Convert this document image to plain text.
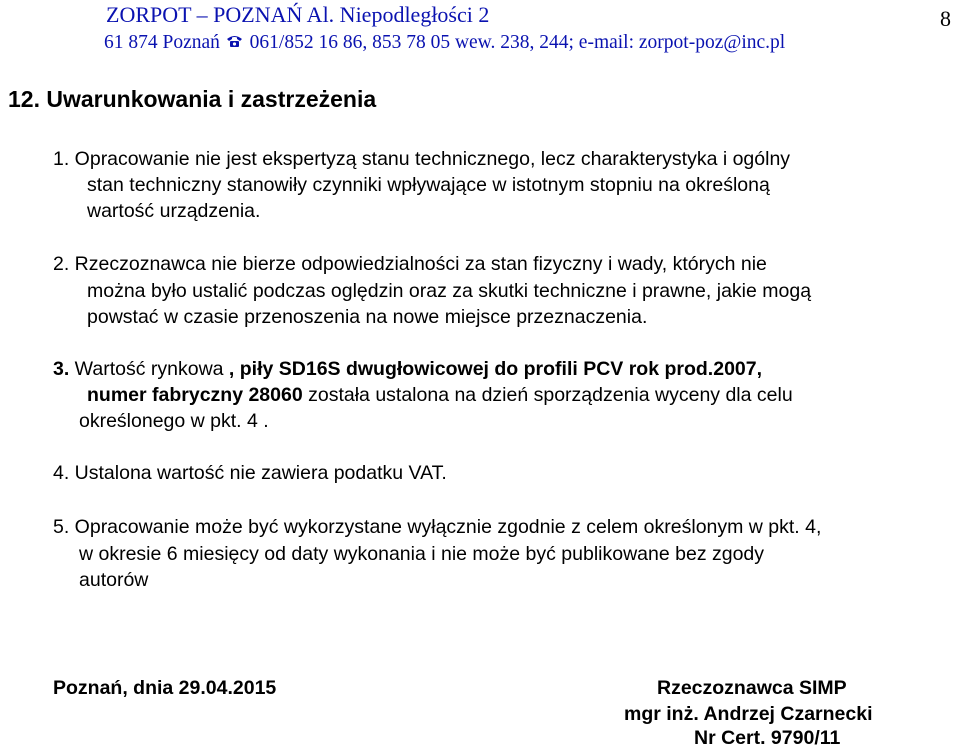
ZORPOT – POZNAŃ Al. Niepodległości 2
61 874 Poznań  061/852 16 86, 853 78 05 wew. 238, 244; e-mail: zorpot-poz@inc.pl
8
12. Uwarunkowania i zastrzeżenia
1. Opracowanie nie jest ekspertyzą stanu technicznego, lecz charakterystyka i ogólny
stan techniczny stanowiły czynniki wpływające w istotnym stopniu na określoną
wartość urządzenia.
2. Rzeczoznawca nie bierze odpowiedzialności za stan fizyczny i wady, których nie
można było ustalić podczas oględzin oraz za skutki techniczne i prawne, jakie mogą
powstać w czasie przenoszenia na nowe miejsce przeznaczenia.
3. Wartość rynkowa , piły SD16S dwugłowicowej do profili PCV rok prod.2007,
numer fabryczny 28060 została ustalona na dzień sporządzenia wyceny dla celu
określonego w pkt. 4 .
4. Ustalona wartość nie zawiera podatku VAT.
5. Opracowanie może być wykorzystane wyłącznie zgodnie z celem określonym w pkt. 4,
w okresie 6 miesięcy od daty wykonania i nie może być publikowane bez zgody
autorów
Poznań, dnia 29.04.2015	Rzeczoznawca SIMP
mgr inż. Andrzej Czarnecki
Nr Cert. 9790/11
